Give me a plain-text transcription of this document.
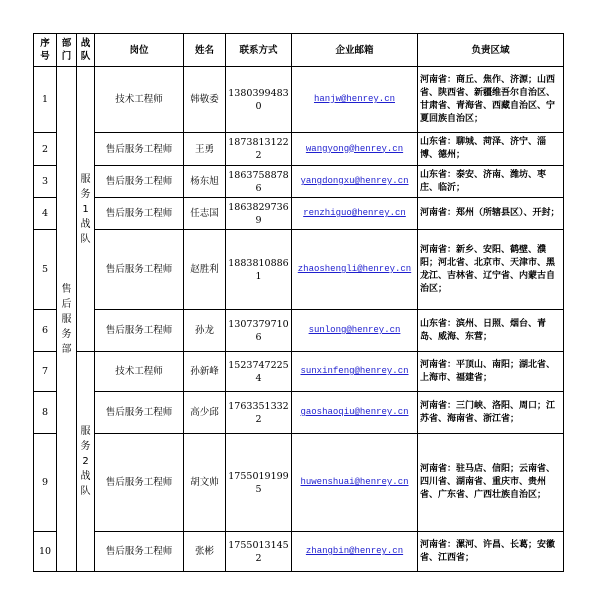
序号	部门	战队	岗位	姓名	联系方式	企业邮箱	负责区域
1	售后服务部	服务1战队	技术工程师	韩敬委	13803994830	hanjw@henrey.cn	河南省：商丘、焦作、济源；山西省、陕西省、新疆维吾尔自治区、甘肃省、青海省、西藏自治区、宁夏回族自治区；
2			售后服务工程师	王勇	18738131222	wangyong@henrey.cn	山东省：聊城、菏泽、济宁、淄博、德州；
3			售后服务工程师	杨东旭	18637588786	yangdongxu@henrey.cn	山东省：泰安、济南、潍坊、枣庄、临沂；
4			售后服务工程师	任志国	18638297369	renzhiguo@henrey.cn	河南省：郑州（所辖县区）、开封；
5			售后服务工程师	赵胜利	18838108861	zhaoshengli@henrey.cn	河南省：新乡、安阳、鹤壁、濮阳；河北省、北京市、天津市、黑龙江、吉林省、辽宁省、内蒙古自治区；
6			售后服务工程师	孙龙	13073797106	sunlong@henrey.cn	山东省：滨州、日照、烟台、青岛、威海、东营；
7		服务2战队	技术工程师	孙新峰	15237472254	sunxinfeng@henrey.cn	河南省：平顶山、南阳；湖北省、上海市、福建省；
8			售后服务工程师	高少邱	17633513322	gaoshaoqiu@henrey.cn	河南省：三门峡、洛阳、周口；江苏省、海南省、浙江省；
9			售后服务工程师	胡文帅	17550191995	huwenshuai@henrey.cn	河南省：驻马店、信阳；云南省、四川省、湖南省、重庆市、贵州省、广东省、广西壮族自治区；
10			售后服务工程师	张彬	17550131452	zhangbin@henrey.cn	河南省：漯河、许昌、长葛；安徽省、江西省；
